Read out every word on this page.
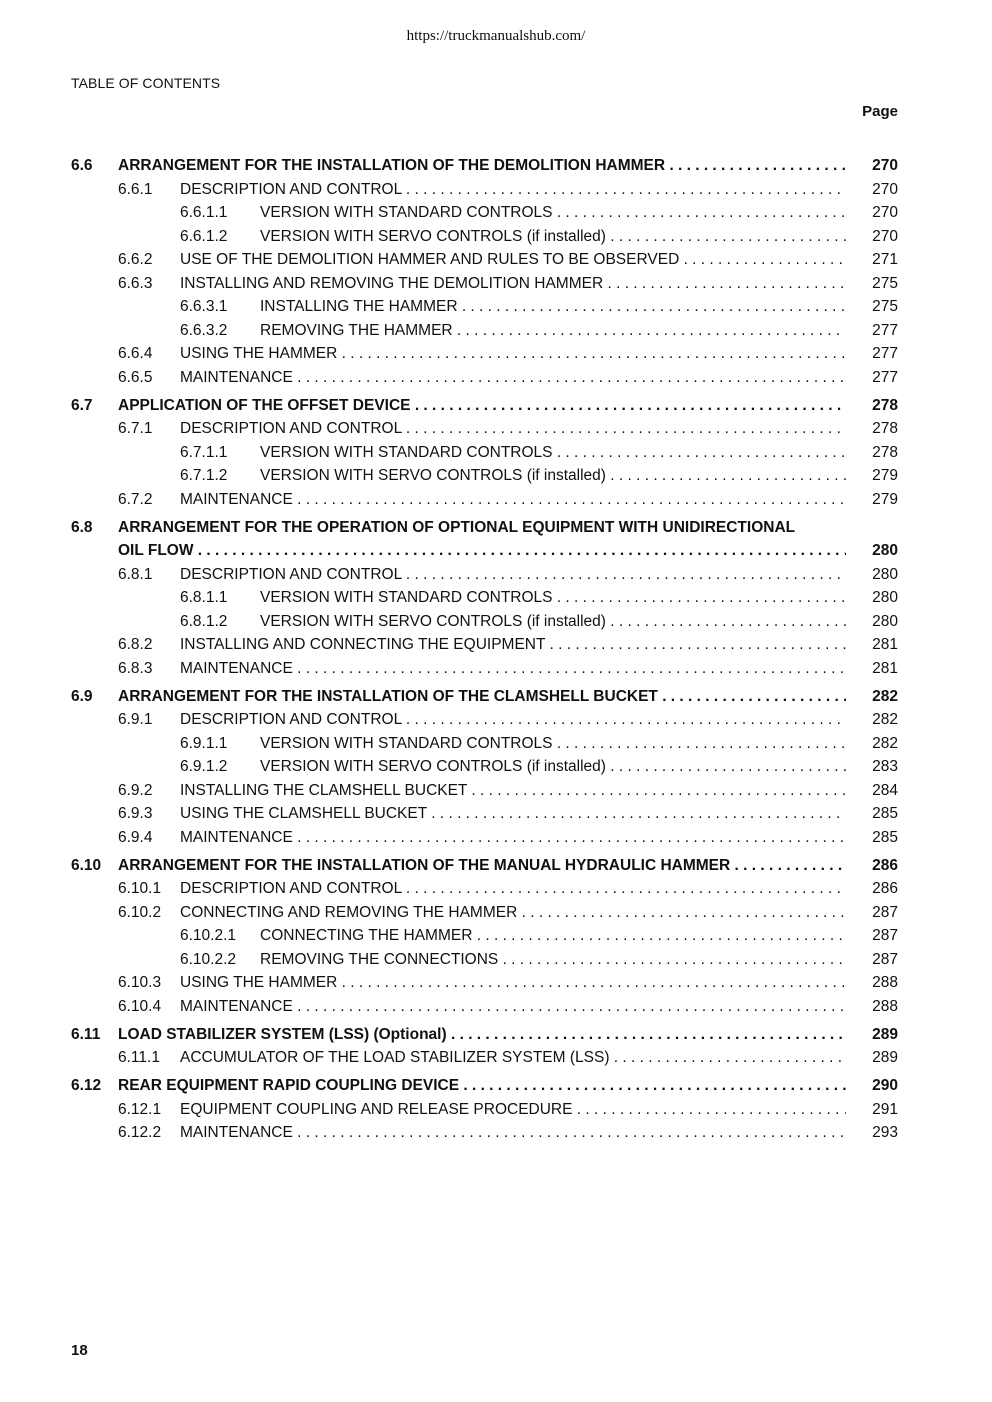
https://truckmanualshub.com/
TABLE OF CONTENTS
Page
6.6 ARRANGEMENT FOR THE INSTALLATION OF THE DEMOLITION HAMMER . . .	270
6.6.1 DESCRIPTION AND CONTROL . . .	270
6.6.1.1 VERSION WITH STANDARD CONTROLS . . .	270
6.6.1.2 VERSION WITH SERVO CONTROLS (if installed) . . .	270
6.6.2 USE OF THE DEMOLITION HAMMER AND RULES TO BE OBSERVED . . .	271
6.6.3 INSTALLING AND REMOVING THE DEMOLITION HAMMER . . .	275
6.6.3.1 INSTALLING THE HAMMER . . .	275
6.6.3.2 REMOVING THE HAMMER . . .	277
6.6.4 USING THE HAMMER . . .	277
6.6.5 MAINTENANCE . . .	277
6.7 APPLICATION OF THE OFFSET DEVICE . . .	278
6.7.1 DESCRIPTION AND CONTROL . . .	278
6.7.1.1 VERSION WITH STANDARD CONTROLS . . .	278
6.7.1.2 VERSION WITH SERVO CONTROLS (if installed) . . .	279
6.7.2 MAINTENANCE . . .	279
6.8 ARRANGEMENT FOR THE OPERATION OF OPTIONAL EQUIPMENT WITH UNIDIRECTIONAL
OIL FLOW . . .	280
6.8.1 DESCRIPTION AND CONTROL . . .	280
6.8.1.1 VERSION WITH STANDARD CONTROLS . . .	280
6.8.1.2 VERSION WITH SERVO CONTROLS (if installed) . . .	280
6.8.2 INSTALLING AND CONNECTING THE EQUIPMENT . . .	281
6.8.3 MAINTENANCE . . .	281
6.9 ARRANGEMENT FOR THE INSTALLATION OF THE CLAMSHELL BUCKET . . .	282
6.9.1 DESCRIPTION AND CONTROL . . .	282
6.9.1.1 VERSION WITH STANDARD CONTROLS . . .	282
6.9.1.2 VERSION WITH SERVO CONTROLS (if installed) . . .	283
6.9.2 INSTALLING THE CLAMSHELL BUCKET . . .	284
6.9.3 USING THE CLAMSHELL BUCKET . . .	285
6.9.4 MAINTENANCE . . .	285
6.10 ARRANGEMENT FOR THE INSTALLATION OF THE MANUAL HYDRAULIC HAMMER . . .	286
6.10.1 DESCRIPTION AND CONTROL . . .	286
6.10.2 CONNECTING AND REMOVING THE HAMMER . . .	287
6.10.2.1 CONNECTING THE HAMMER . . .	287
6.10.2.2 REMOVING THE CONNECTIONS . . .	287
6.10.3 USING THE HAMMER . . .	288
6.10.4 MAINTENANCE . . .	288
6.11 LOAD STABILIZER SYSTEM (LSS) (Optional) . . .	289
6.11.1 ACCUMULATOR OF THE LOAD STABILIZER SYSTEM (LSS) . . .	289
6.12 REAR EQUIPMENT RAPID COUPLING DEVICE . . .	290
6.12.1 EQUIPMENT COUPLING AND RELEASE PROCEDURE . . .	291
6.12.2 MAINTENANCE . . .	293
18
